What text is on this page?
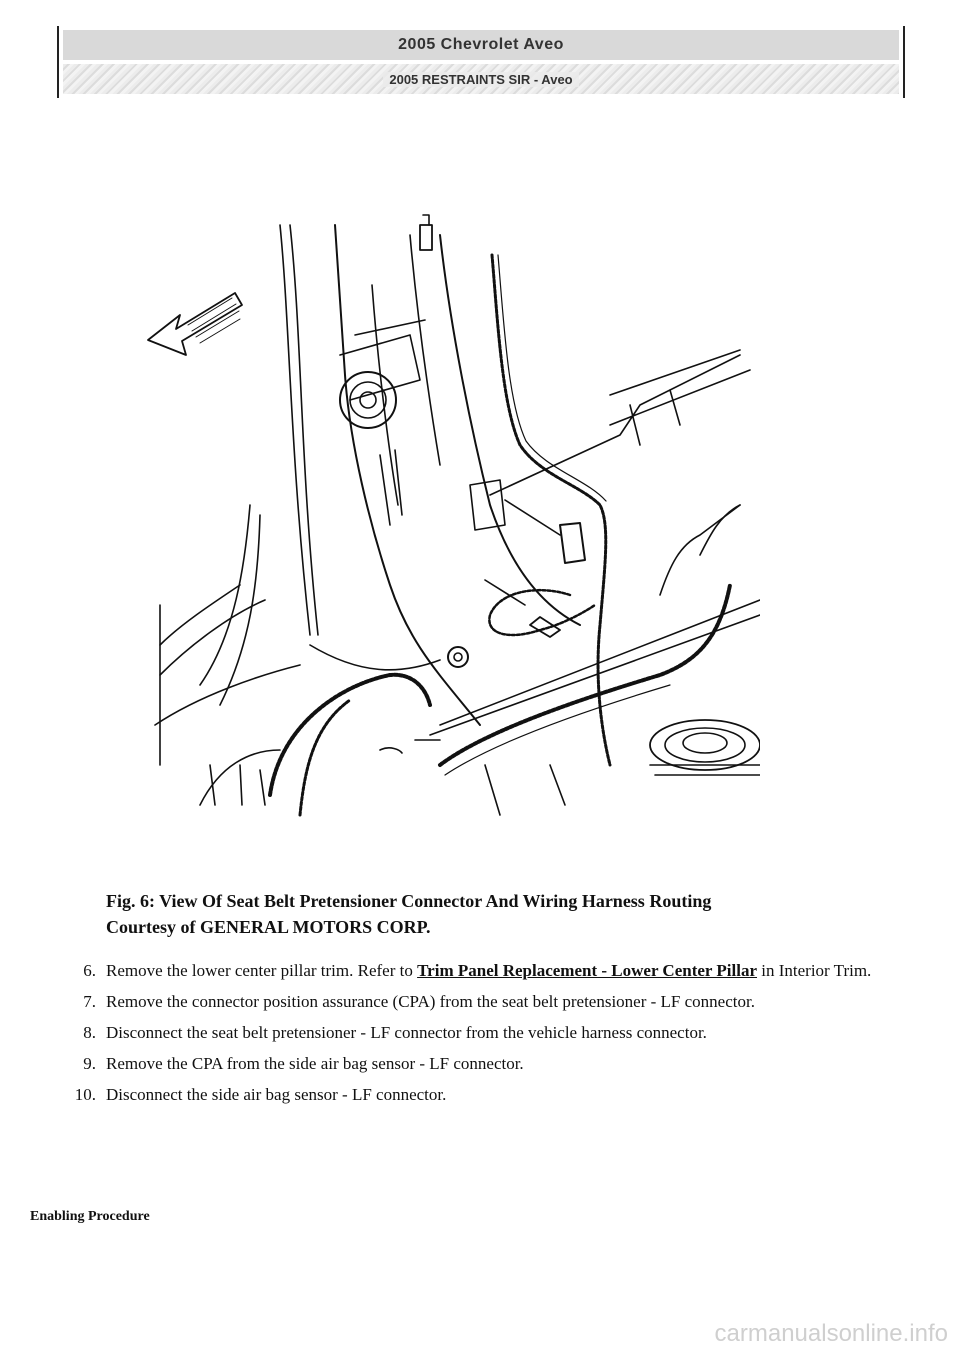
2005 Chevrolet Aveo
2005 RESTRAINTS SIR - Aveo
Fig. 6: View Of Seat Belt Pretensioner Connector And Wiring Harness Routing
Courtesy of GENERAL MOTORS CORP.
6. Remove the lower center pillar trim. Refer to Trim Panel Replacement - Lower Center Pillar in Interior Trim.
7. Remove the connector position assurance (CPA) from the seat belt pretensioner - LF connector.
8. Disconnect the seat belt pretensioner - LF connector from the vehicle harness connector.
9. Remove the CPA from the side air bag sensor - LF connector.
10. Disconnect the side air bag sensor - LF connector.
Enabling Procedure
carmanualsonline.info
